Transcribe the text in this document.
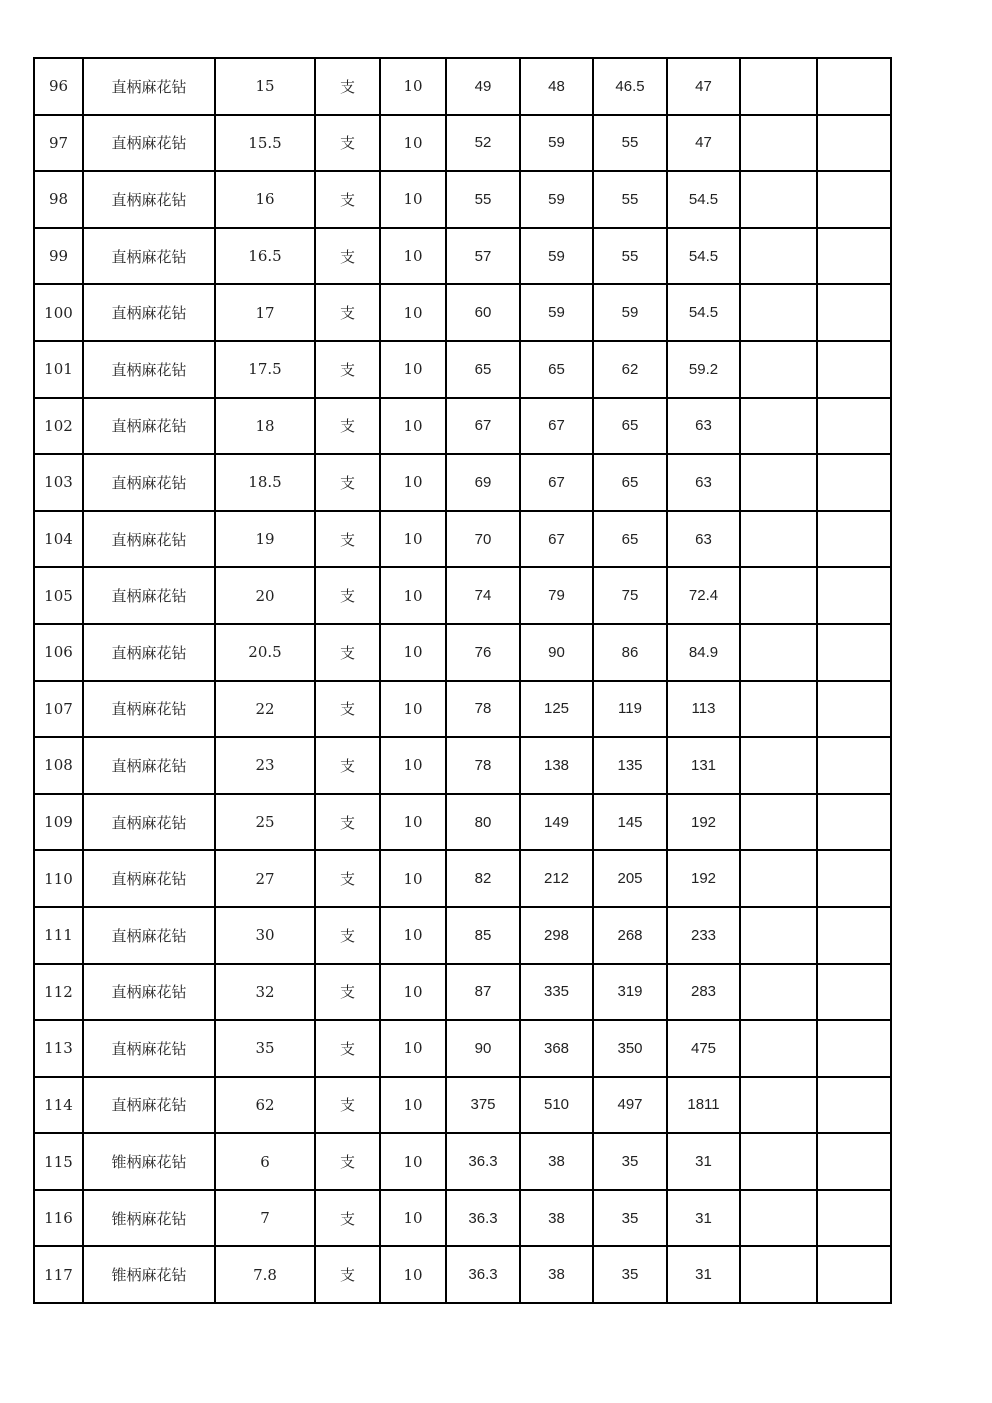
96	直柄麻花钻	15	支	10	49	48	46.5	47		
97	直柄麻花钻	15.5	支	10	52	59	55	47		
98	直柄麻花钻	16	支	10	55	59	55	54.5		
99	直柄麻花钻	16.5	支	10	57	59	55	54.5		
100	直柄麻花钻	17	支	10	60	59	59	54.5		
101	直柄麻花钻	17.5	支	10	65	65	62	59.2		
102	直柄麻花钻	18	支	10	67	67	65	63		
103	直柄麻花钻	18.5	支	10	69	67	65	63		
104	直柄麻花钻	19	支	10	70	67	65	63		
105	直柄麻花钻	20	支	10	74	79	75	72.4		
106	直柄麻花钻	20.5	支	10	76	90	86	84.9		
107	直柄麻花钻	22	支	10	78	125	119	113		
108	直柄麻花钻	23	支	10	78	138	135	131		
109	直柄麻花钻	25	支	10	80	149	145	192		
110	直柄麻花钻	27	支	10	82	212	205	192		
111	直柄麻花钻	30	支	10	85	298	268	233		
112	直柄麻花钻	32	支	10	87	335	319	283		
113	直柄麻花钻	35	支	10	90	368	350	475		
114	直柄麻花钻	62	支	10	375	510	497	1811		
115	锥柄麻花钻	6	支	10	36.3	38	35	31		
116	锥柄麻花钻	7	支	10	36.3	38	35	31		
117	锥柄麻花钻	7.8	支	10	36.3	38	35	31		
